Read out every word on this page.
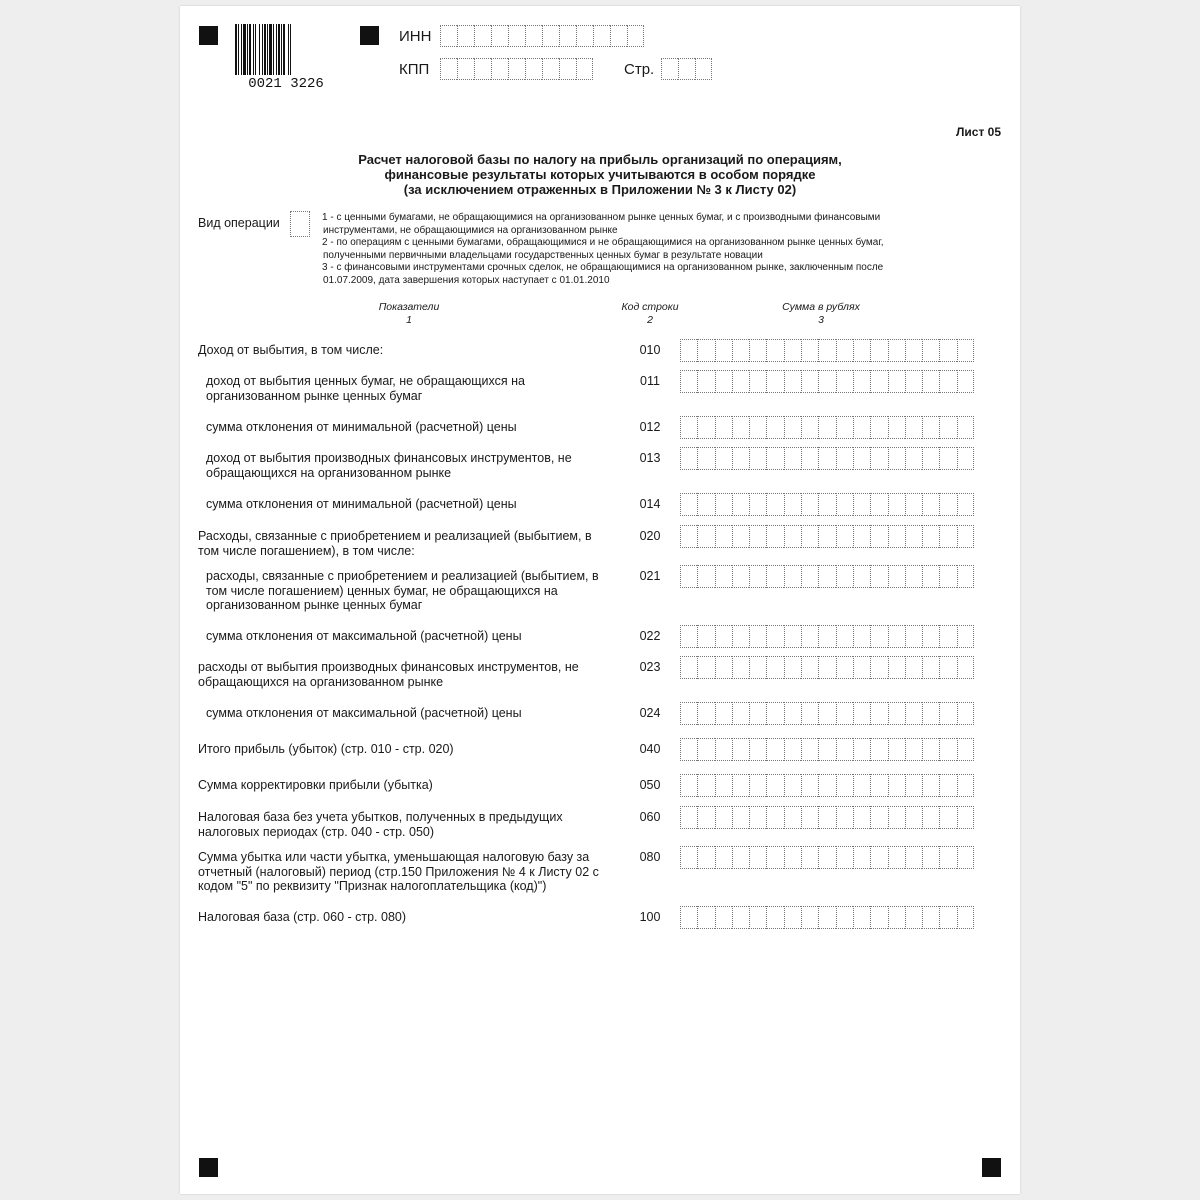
0021 3226
ИНН
КПП	Стр.
Лист 05
Расчет налоговой базы по налогу на прибыль организаций по операциям,
финансовые результаты которых учитываются в особом порядке
(за исключением отраженных в Приложении № 3 к Листу 02)
Вид операции	1 - с ценными бумагами, не обращающимися на организованном рынке ценных бумаг, и с производными финансовыми
инструментами, не обращающимися на организованном рынке
2 - по операциям с ценными бумагами, обращающимися и не обращающимися на организованном рынке ценных бумаг,
полученными первичными владельцами государственных ценных бумаг в результате новации
3 - с финансовыми инструментами срочных сделок, не обращающимися на организованном рынке, заключенным после
01.07.2009, дата завершения которых наступает с 01.01.2010
Показатели
1
Код строки
2
Сумма в рублях
3

Доход от выбытия, в том числе:	010

доход от выбытия ценных бумаг, не обращающихся на
организованном рынке ценных бумаг

011

сумма отклонения от минимальной (расчетной) цены	012

доход от выбытия производных финансовых инструментов, не
обращающихся на организованном рынке

013

сумма отклонения от минимальной (расчетной) цены	014

Расходы, связанные с приобретением и реализацией (выбытием, в
том числе погашением), в том числе:

020

расходы, связанные с приобретением и реализацией (выбытием, в
том числе погашением) ценных бумаг, не обращающихся на
организованном рынке ценных бумаг

021

сумма отклонения от максимальной (расчетной) цены	022

расходы от выбытия производных финансовых инструментов, не
обращающихся на организованном рынке

023

сумма отклонения от максимальной (расчетной) цены	024

Итого прибыль (убыток) (стр. 010 - стр. 020)	040

Сумма корректировки прибыли (убытка)	050

Налоговая база без учета убытков, полученных в предыдущих
налоговых периодах (стр. 040 - стр. 050)

060

Сумма убытка или части убытка, уменьшающая налоговую базу за
отчетный (налоговый) период (стр.150 Приложения № 4 к Листу 02 с
кодом "5" по реквизиту "Признак налогоплательщика (код)")

080

Налоговая база (стр. 060 - стр. 080)	100
